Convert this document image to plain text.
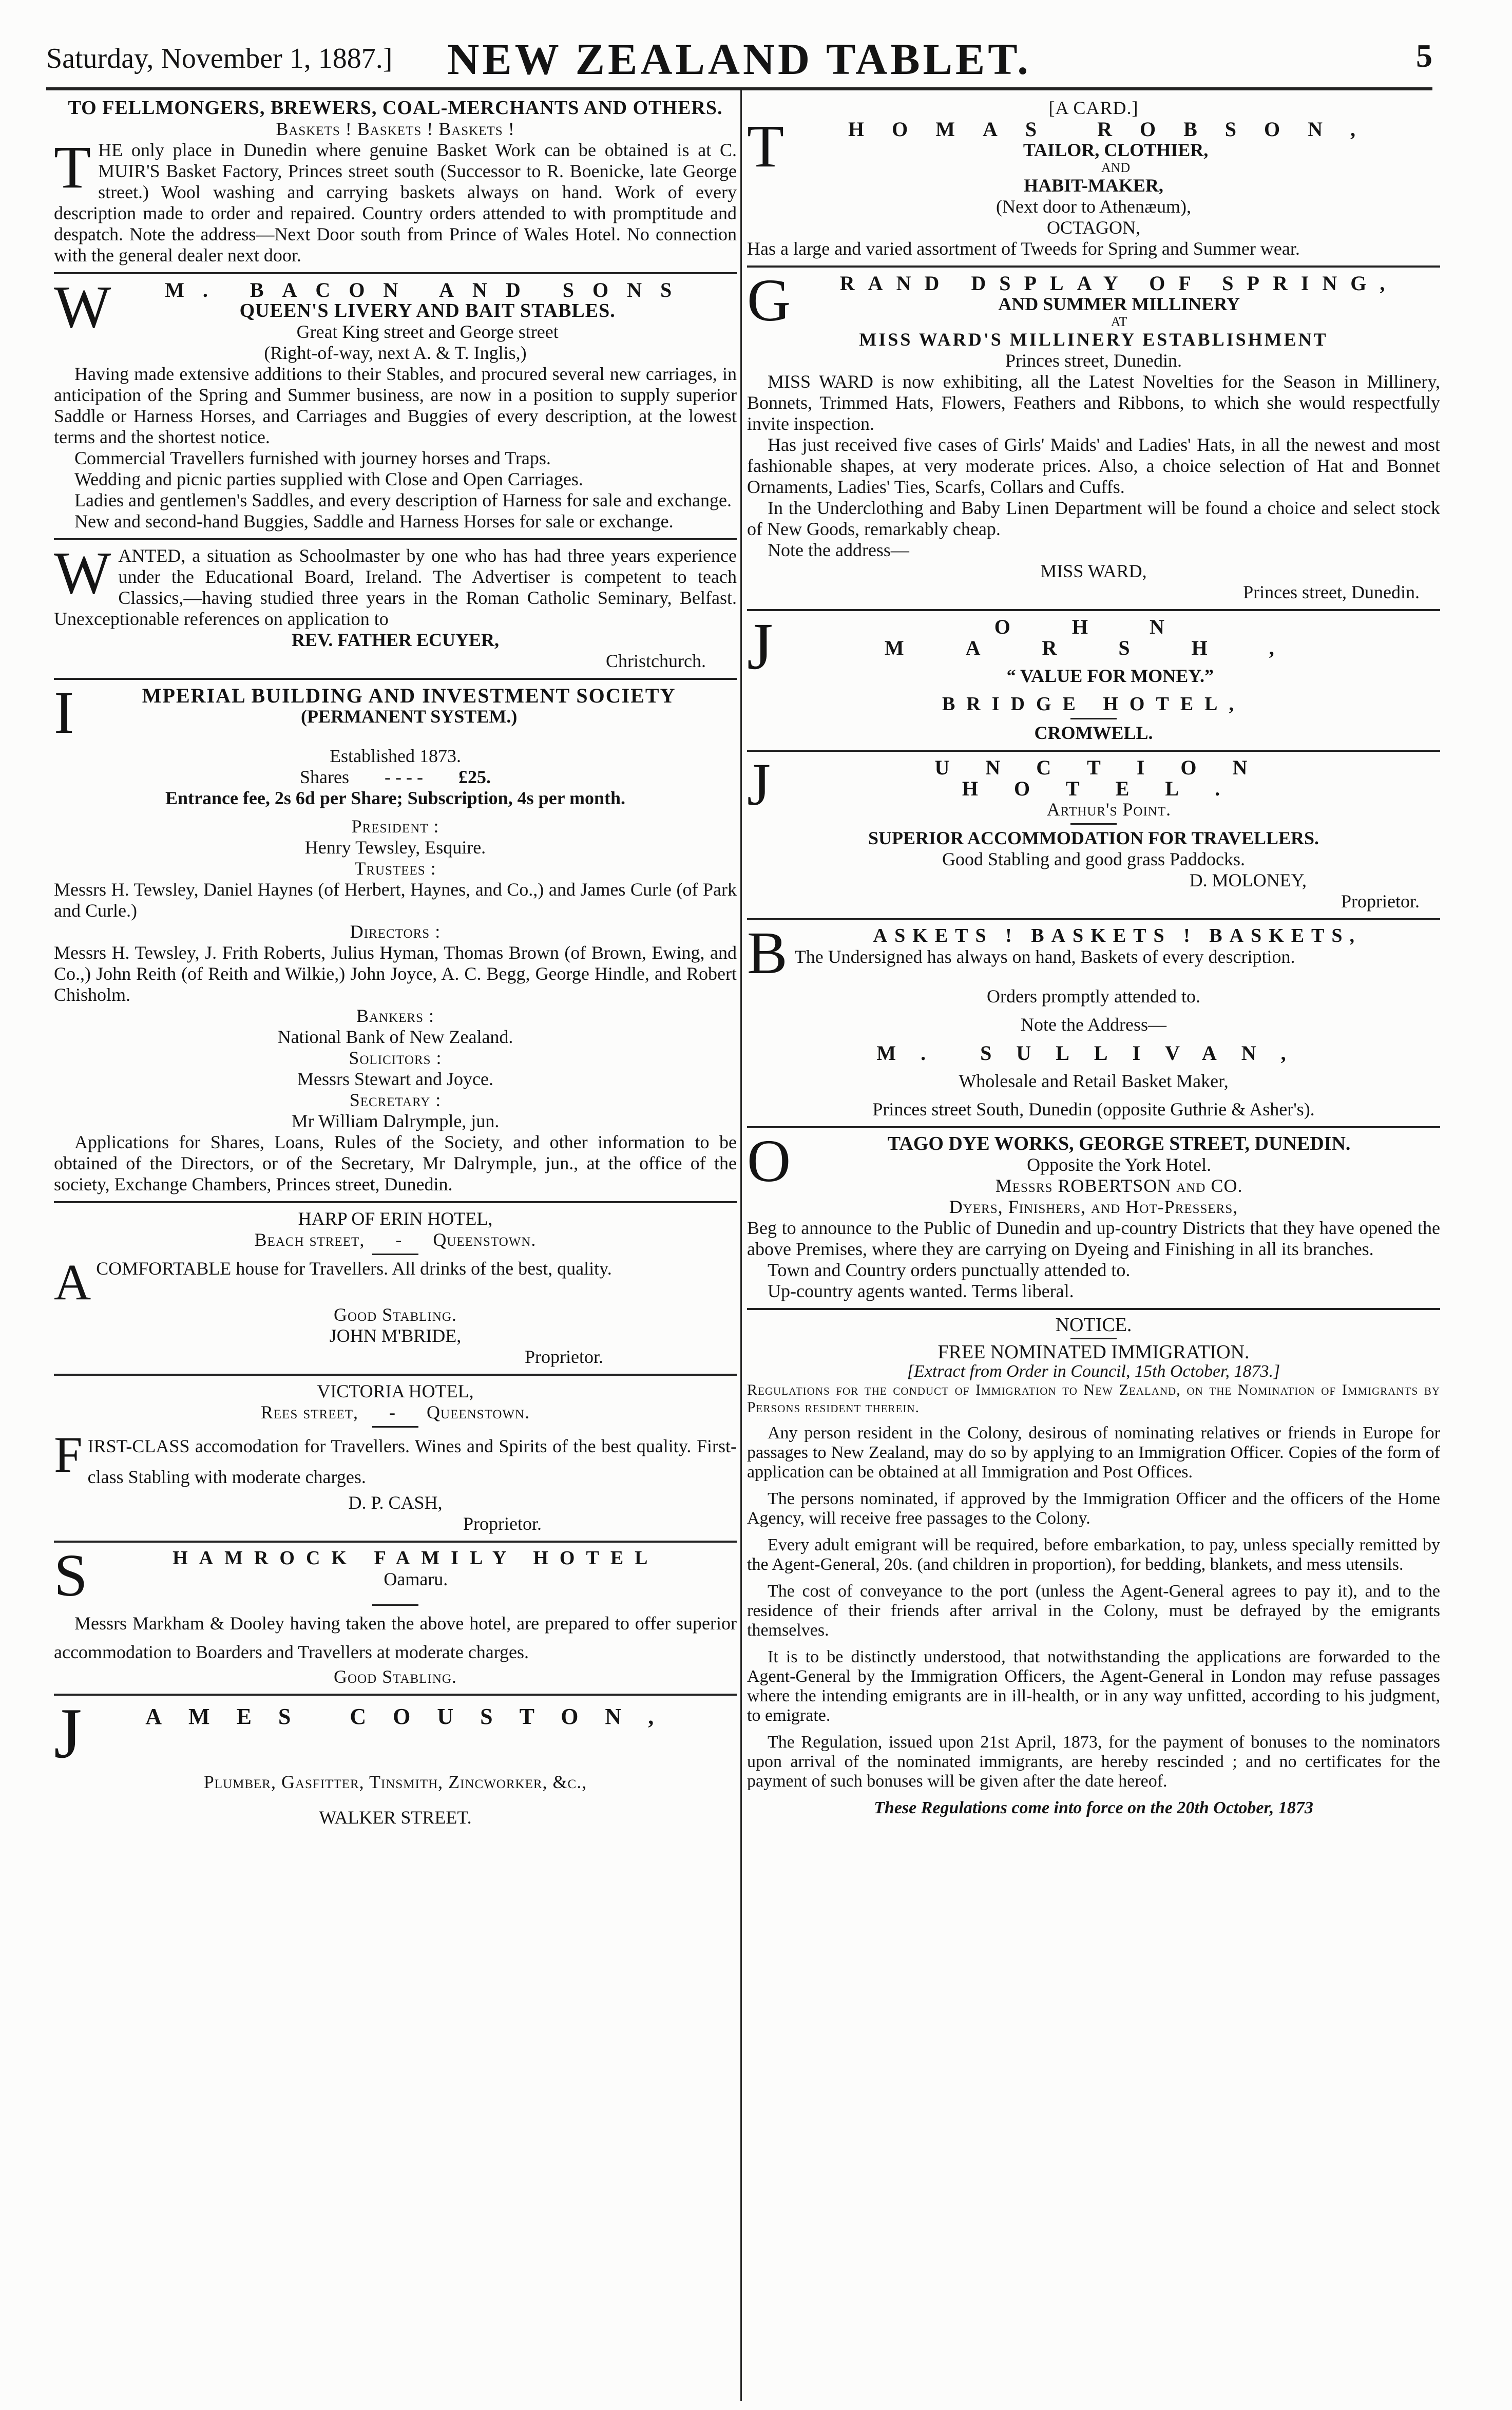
Saturday, November 1, 1887.]	NEW ZEALAND TABLET.	5
TO FELLMONGERS, BREWERS, COAL-MERCHANTS AND OTHERS.
Baskets ! Baskets ! Baskets !

THE only place in Dunedin where genuine Basket Work can be obtained is at C. MUIR'S Basket Factory, Princes street south (Successor to R. Boenicke, late George street.) Wool washing and carrying baskets always on hand. Work of every description made to order and repaired. Country orders attended to with promptitude and despatch. Note the address—Next Door south from Prince of Wales Hotel. No connection with the general dealer next door.

W	M. BACON AND SONS
QUEEN'S LIVERY AND BAIT STABLES.
Great King street and George street
(Right-of-way, next A. & T. Inglis,)

Having made extensive additions to their Stables, and procured several new carriages, in anticipation of the Spring and Summer business, are now in a position to supply superior Saddle or Harness Horses, and Carriages and Buggies of every description, at the lowest terms and the shortest notice.

Commercial Travellers furnished with journey horses and Traps.

Wedding and picnic parties supplied with Close and Open Carriages.

Ladies and gentlemen's Saddles, and every description of Harness for sale and exchange.

New and second-hand Buggies, Saddle and Harness Horses for sale or exchange.

WANTED, a situation as Schoolmaster by one who has had three years experience under the Educational Board, Ireland. The Advertiser is competent to teach Classics,—having studied three years in the Roman Catholic Seminary, Belfast. Unexceptionable references on application to

REV. FATHER ECUYER,
Christchurch.
I	MPERIAL BUILDING AND INVESTMENT SOCIETY
(PERMANENT SYSTEM.)
Established 1873.
Shares - - - - £25.
Entrance fee, 2s 6d per Share; Subscription, 4s per month.
President :
Henry Tewsley, Esquire.
Trustees :

Messrs H. Tewsley, Daniel Haynes (of Herbert, Haynes, and Co.,) and James Curle (of Park and Curle.)

Directors :

Messrs H. Tewsley, J. Frith Roberts, Julius Hyman, Thomas Brown (of Brown, Ewing, and Co.,) John Reith (of Reith and Wilkie,) John Joyce, A. C. Begg, George Hindle, and Robert Chisholm.

Bankers :
National Bank of New Zealand.
Solicitors :
Messrs Stewart and Joyce.
Secretary :
Mr William Dalrymple, jun.

Applications for Shares, Loans, Rules of the Society, and other information to be obtained of the Directors, or of the Secretary, Mr Dalrymple, jun., at the office of the society, Exchange Chambers, Princes street, Dunedin.

HARP OF ERIN HOTEL,
Beach street, - Queenstown.

ACOMFORTABLE house for Travellers. All drinks of the best, quality.

Good Stabling.
JOHN M'BRIDE,
Proprietor.
VICTORIA HOTEL,
Rees street, - Queenstown.

FIRST-CLASS accomodation for Travellers. Wines and Spirits of the best quality. First-class Stabling with moderate charges.

D. P. CASH,
Proprietor.
S	HAMROCK FAMILY HOTEL
Oamaru.

Messrs Markham & Dooley having taken the above hotel, are prepared to offer superior accommodation to Boarders and Travellers at moderate charges.

Good Stabling.
J	AMES COUSTON,
Plumber, Gasfitter, Tinsmith, Zincworker, &c.,
WALKER STREET.
[A CARD.]
T	HOMAS ROBSON,
TAILOR, CLOTHIER,
AND
HABIT-MAKER,
(Next door to Athenæum),
OCTAGON,

Has a large and varied assortment of Tweeds for Spring and Summer wear.

G	RAND DSPLAY OF SPRING,
AND SUMMER MILLINERY
AT
MISS WARD'S MILLINERY ESTABLISHMENT
Princes street, Dunedin.

MISS WARD is now exhibiting, all the Latest Novelties for the Season in Millinery, Bonnets, Trimmed Hats, Flowers, Feathers and Ribbons, to which she would respectfully invite inspection.

Has just received five cases of Girls' Maids' and Ladies' Hats, in all the newest and most fashionable shapes, at very moderate prices. Also, a choice selection of Hat and Bonnet Ornaments, Ladies' Ties, Scarfs, Collars and Cuffs.

In the Underclothing and Baby Linen Department will be found a choice and select stock of New Goods, remarkably cheap.

Note the address—

MISS WARD,
Princes street, Dunedin.
J	OHN MARSH,
“ VALUE FOR MONEY.”
BRIDGE HOTEL,
CROMWELL.
J	UNCTION HOTEL.
Arthur's Point.
SUPERIOR ACCOMMODATION FOR TRAVELLERS.
Good Stabling and good grass Paddocks.
D. MOLONEY,
Proprietor.
B	ASKETS ! BASKETS ! BASKETS,

The Undersigned has always on hand, Baskets of every description.

Orders promptly attended to.
Note the Address—
M. SULLIVAN,
Wholesale and Retail Basket Maker,
Princes street South, Dunedin (opposite Guthrie & Asher's).
O	TAGO DYE WORKS, GEORGE STREET, DUNEDIN.
Opposite the York Hotel.
Messrs ROBERTSON and CO.
Dyers, Finishers, and Hot-Pressers,

Beg to announce to the Public of Dunedin and up-country Districts that they have opened the above Premises, where they are carrying on Dyeing and Finishing in all its branches.

Town and Country orders punctually attended to.

Up-country agents wanted. Terms liberal.

NOTICE.
FREE NOMINATED IMMIGRATION.
[Extract from Order in Council, 15th October, 1873.]

Regulations for the conduct of Immigration to New Zealand, on the Nomination of Immigrants by Persons resident therein.

Any person resident in the Colony, desirous of nominating relatives or friends in Europe for passages to New Zealand, may do so by applying to an Immigration Officer. Copies of the form of application can be obtained at all Immigration and Post Offices.

The persons nominated, if approved by the Immigration Officer and the officers of the Home Agency, will receive free passages to the Colony.

Every adult emigrant will be required, before embarkation, to pay, unless specially remitted by the Agent-General, 20s. (and children in proportion), for bedding, blankets, and mess utensils.

The cost of conveyance to the port (unless the Agent-General agrees to pay it), and to the residence of their friends after arrival in the Colony, must be defrayed by the emigrants themselves.

It is to be distinctly understood, that notwithstanding the applications are forwarded to the Agent-General by the Immigration Officers, the Agent-General in London may refuse passages where the intending emigrants are in ill-health, or in any way unfitted, according to his judgment, to emigrate.

The Regulation, issued upon 21st April, 1873, for the payment of bonuses to the nominators upon arrival of the nominated immigrants, are hereby rescinded ; and no certificates for the payment of such bonuses will be given after the date hereof.

These Regulations come into force on the 20th October, 1873
